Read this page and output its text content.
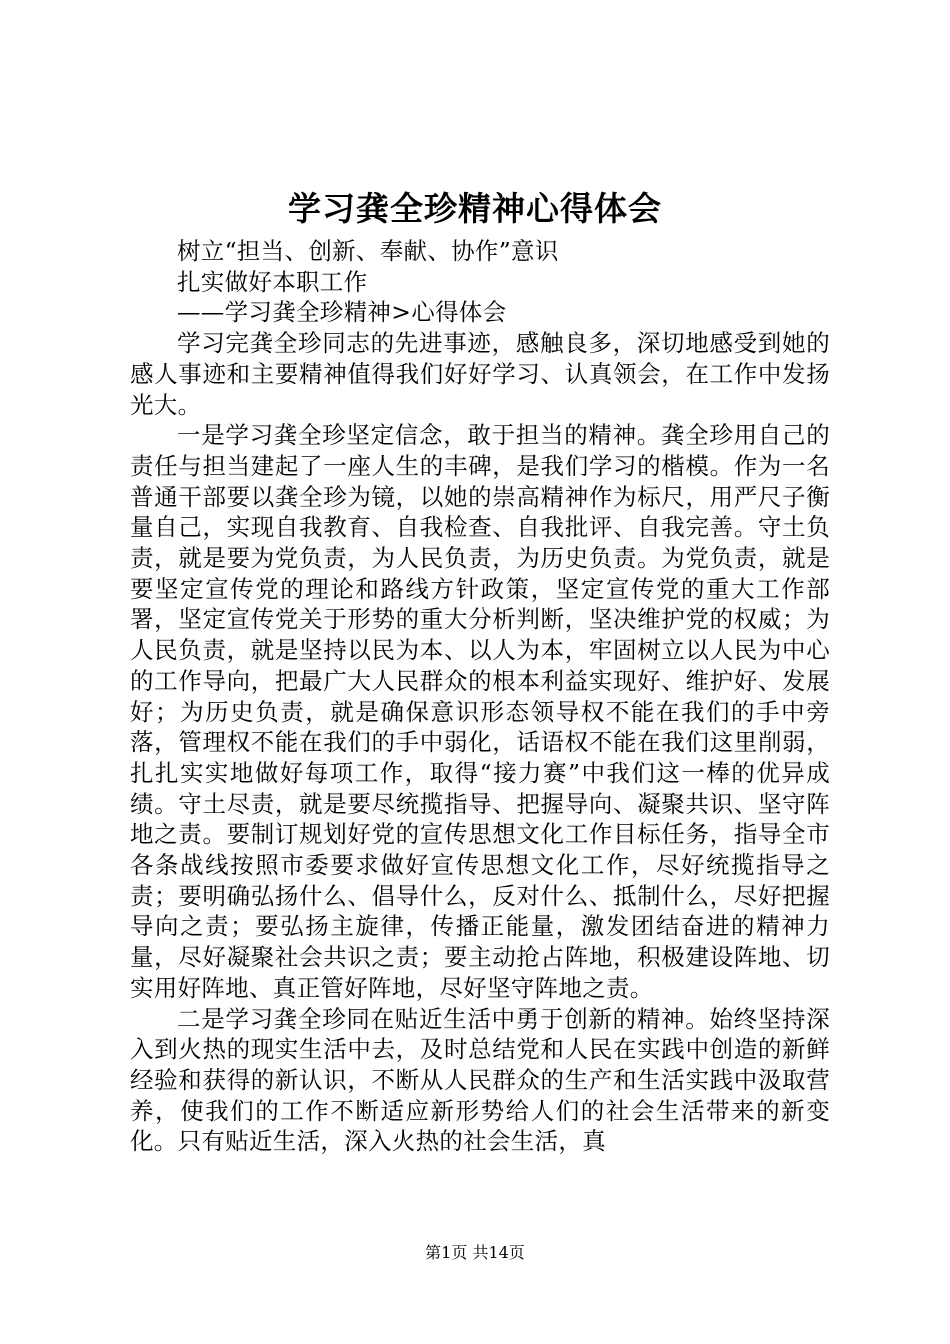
学习龚全珍精神心得体会

树立“担当、创新、奉献、协作”意识

扎实做好本职工作

——学习龚全珍精神>心得体会

学习完龚全珍同志的先进事迹，感触良多，深切地感受到她的感人事迹和主要精神值得我们好好学习、认真领会，在工作中发扬光大。

一是学习龚全珍坚定信念，敢于担当的精神。龚全珍用自己的责任与担当建起了一座人生的丰碑，是我们学习的楷模。作为一名普通干部要以龚全珍为镜，以她的崇高精神作为标尺，用严尺子衡量自己，实现自我教育、自我检查、自我批评、自我完善。守土负责，就是要为党负责，为人民负责，为历史负责。为党负责，就是要坚定宣传党的理论和路线方针政策，坚定宣传党的重大工作部署，坚定宣传党关于形势的重大分析判断，坚决维护党的权威；为人民负责，就是坚持以民为本、以人为本，牢固树立以人民为中心的工作导向，把最广大人民群众的根本利益实现好、维护好、发展好；为历史负责，就是确保意识形态领导权不能在我们的手中旁落，管理权不能在我们的手中弱化，话语权不能在我们这里削弱，扎扎实实地做好每项工作，取得“接力赛”中我们这一棒的优异成绩。守土尽责，就是要尽统揽指导、把握导向、凝聚共识、坚守阵地之责。要制订规划好党的宣传思想文化工作目标任务，指导全市各条战线按照市委要求做好宣传思想文化工作，尽好统揽指导之责；要明确弘扬什么、倡导什么，反对什么、抵制什么，尽好把握导向之责；要弘扬主旋律，传播正能量，激发团结奋进的精神力量，尽好凝聚社会共识之责；要主动抢占阵地，积极建设阵地、切实用好阵地、真正管好阵地，尽好坚守阵地之责。

二是学习龚全珍同在贴近生活中勇于创新的精神。始终坚持深入到火热的现实生活中去，及时总结党和人民在实践中创造的新鲜经验和获得的新认识，不断从人民群众的生产和生活实践中汲取营养，使我们的工作不断适应新形势给人们的社会生活带来的新变化。只有贴近生活，深入火热的社会生活，真

第1页 共14页
